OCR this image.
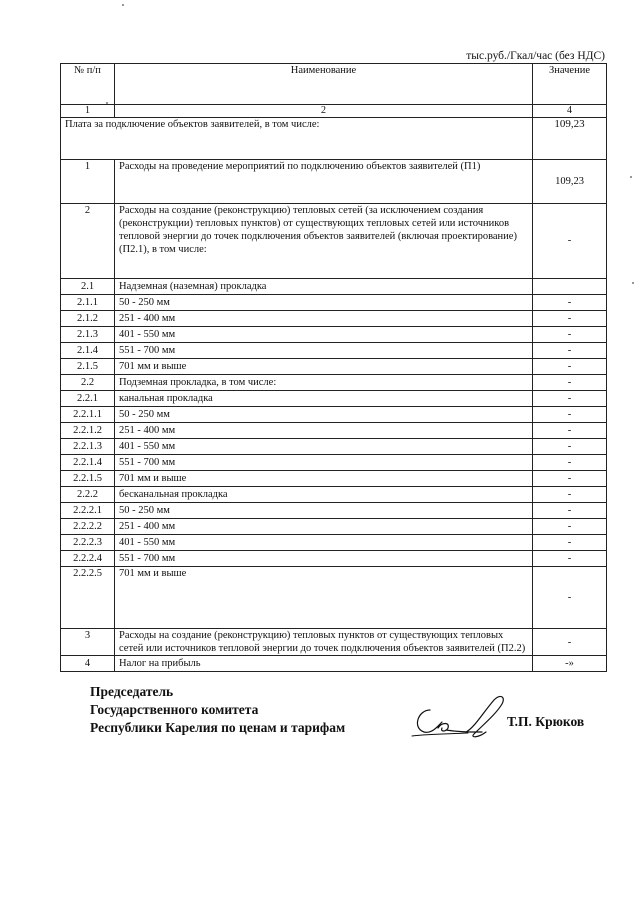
тыс.руб./Гкал/час (без НДС)
№ п/п	Наименование	Значение
1	2	4
Плата за подключение объектов заявителей, в том числе:		109,23
1	Расходы на проведение мероприятий по подключению объектов заявителей (П1)	109,23
2	Расходы на создание (реконструкцию) тепловых сетей (за исключением создания (реконструкции) тепловых пунктов) от существующих тепловых сетей или источников тепловой энергии до точек подключения объектов заявителей (включая проектирование) (П2.1), в том числе:	-
2.1	Надземная (наземная) прокладка	
2.1.1	50 - 250 мм	-
2.1.2	251 - 400 мм	-
2.1.3	401 - 550 мм	-
2.1.4	551 - 700 мм	-
2.1.5	701 мм и выше	-
2.2	Подземная прокладка, в том числе:	-
2.2.1	канальная прокладка	-
2.2.1.1	50 - 250 мм	-
2.2.1.2	251 - 400 мм	-
2.2.1.3	401 - 550 мм	-
2.2.1.4	551 - 700 мм	-
2.2.1.5	701 мм и выше	-
2.2.2	бесканальная прокладка	-
2.2.2.1	50 - 250 мм	-
2.2.2.2	251 - 400 мм	-
2.2.2.3	401 - 550 мм	-
2.2.2.4	551 - 700 мм	-
2.2.2.5	701 мм и выше	-
3	Расходы на создание (реконструкцию) тепловых пунктов от существующих тепловых сетей или источников тепловой энергии до точек подключения объектов заявителей (П2.2)	-
4	Налог на прибыль	-»
Председатель
Государственного комитета
Республики Карелия по ценам и тарифам	Т.П. Крюков
